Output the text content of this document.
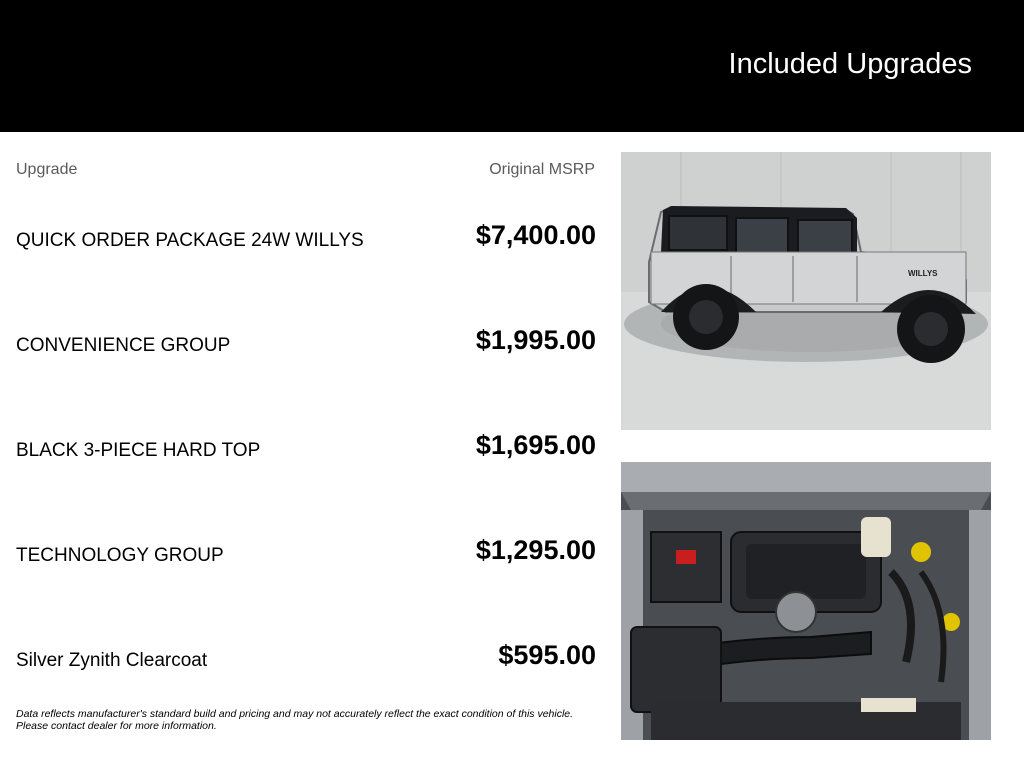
Included Upgrades
Upgrade	Original MSRP
QUICK ORDER PACKAGE 24W WILLYS	$7,400.00
CONVENIENCE GROUP	$1,995.00
BLACK 3-PIECE HARD TOP	$1,695.00
TECHNOLOGY GROUP	$1,295.00
Silver Zynith Clearcoat	$595.00
Data reflects manufacturer's standard build and pricing and may not accurately reflect the exact condition of this vehicle.
Please contact dealer for more information.
WILLYS
